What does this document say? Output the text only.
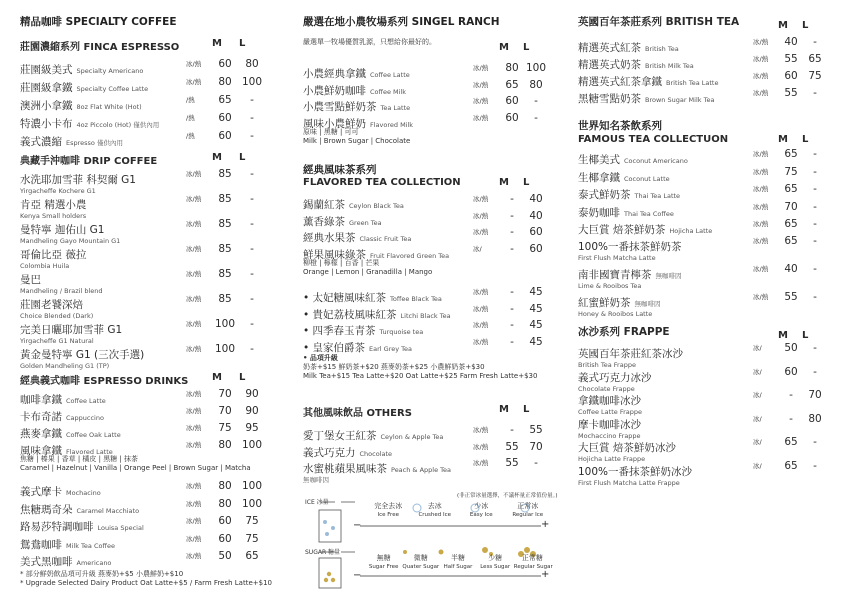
精品咖啡 SPECIALTY COFFEE
莊園濃縮系列 FINCA ESPRESSO	M L
莊園級美式 Specialty Americano
冰/熱	60	80
莊園級拿鐵 Specialty Coffee Latte
冰/熱	80 100
澳洲小拿鐵 8oz Flat White (Hot)
/熱	65	-
特濃小卡布 4oz Piccolo (Hot) 僅供內用
/熱	60	-
義式濃縮 Espresso 僅供內用
/熱	60	-
典藏手沖咖啡 DRIP COFFEE	M L
水洗耶加雪菲 科契爾 G1
Yirgacheffe Kochere G1
冰/熱	85	-
肯亞 精選小農
Kenya Small holders
冰/熱	85	-
曼特寧 迦佑山 G1
Mandheling Gayo Mountain G1
冰/熱	85	-
哥倫比亞 薇拉
Colombia Huila
冰/熱	85	-
曼巴
Mandheling / Brazil blend
冰/熱	85	-
莊園老饕深焙
Choice Blended (Dark)
冰/熱	85	-
完美日曬耶加雪菲 G1
Yirgacheffe G1 Natural
冰/熱 100	-
黃金曼特寧 G1 (三次手選)
Golden Mandheling G1 (TP)
冰/熱 100	-
經典義式咖啡 ESPRESSO DRINKS M L
咖啡拿鐵 Coffee Latte
冰/熱	70	90
卡布奇諾 Cappuccino
冰/熱	70	90
燕麥拿鐵 Coffee Oak Latte
冰/熱	75	95
風味拿鐵 Flavored Latte
冰/熱	80 100
焦糖 | 榛果 | 香草 | 橘皮 | 黑糖 | 抹茶
Caramel | Hazelnut | Vanilla | Orange Peel | Brown Sugar | Matcha
義式摩卡 Mochacino
冰/熱	80 100
焦糖瑪奇朵 Caramel Macchiato
冰/熱	80 100
路易莎特調咖啡 Louisa Special
冰/熱	60	75
鴛鴦咖啡 Milk Tea Coffee
冰/熱	60	75
美式黑咖啡 Americano
冰/熱	50	65
* 部分鮮奶飲品項可升級 燕麥奶+$5 小農鮮奶+$10
* Upgrade Selected Dairy Product Oat Latte+$5 / Farm Fresh Latte+$10
嚴選在地小農牧場系列 SINGEL RANCH
嚴選單一牧場優質乳源，只想給你最好的。	M L
小農經典拿鐵 Coffee Latte
冰/熱	80 100
小農鮮奶咖啡 Coffee Milk
冰/熱	65	80
小農雪點鮮奶茶 Tea Latte
冰/熱	60	-
風味小農鮮奶 Flavored Milk
冰/熱	60	-
原味 | 黑糖 | 可可
Milk | Brown Sugar | Chocolate
經典風味茶系列
FLAVORED TEA COLLECTION	M L
錫蘭紅茶 Ceylon Black Tea
冰/熱	-	40
薰香綠茶 Green Tea
冰/熱	-	40
經典水果茶 Classic Fruit Tea
冰/熱	-	60
鮮果風味綠茶 Fruit Flavored Green Tea
冰/	-	60
柳橙 | 檸檬 | 百香 | 芒果
Orange | Lemon | Granadilla | Mango
• 太妃糖風味紅茶 Toffee Black Tea
冰/熱	-	45
• 貴妃荔枝風味紅茶 Litchi Black Tea
冰/熱	-	45
• 四季春玉青茶 Turquoise tea
冰/熱	-	45
• 皇家伯爵茶 Earl Grey Tea
冰/熱	-	45
• 品項升級
奶茶+$15 鮮奶茶+$20 燕麥奶茶+$25 小農鮮奶茶+$30
Milk Tea+$15 Tea Latte+$20 Oat Latte+$25 Farm Fresh Latte+$30
其他風味飲品 OTHERS	M L
愛丁堡女王紅茶 Ceylon & Apple Tea
冰/熱	-	55
義式巧克力 Chocolate
冰/熱	55	70
水蜜桃蘋果風味茶 Peach & Apple Tea
無咖啡因
冰/熱	55	-
ICE 冰量
SUGAR 糖量
(非正常冰量選擇，不議杯量正常值份量。)
−	+
−	+
完全去冰
Ice Free
去冰
Crushed Ice
少冰
Easy Ice
正常冰
Regular Ice
無糖
Sugar Free
微糖
Quater Sugar
半糖
Half Sugar
少糖
Less Sugar
正常糖
Regular Sugar
英國百年茶莊系列 BRITISH TEA	M L
精選英式紅茶 British Tea
冰/熱	40	-
精選英式奶茶 British Milk Tea
冰/熱	55	65
精選英式紅茶拿鐵 British Tea Latte
冰/熱	60	75
黑糖雪點奶茶 Brown Sugar Milk Tea
冰/熱	55	-
世界知名茶飲系列
FAMOUS TEA COLLECTUON	M L
生椰美式 Coconut Americano
冰/熱	65	-
生椰拿鐵 Coconut Latte
冰/熱	75	-
泰式鮮奶茶 Thai Tea Latte
冰/熱	65	-
泰奶咖啡 Thai Tea Coffee
冰/熱	70	-
大巨賞 焙茶鮮奶茶 Hojicha Latte
冰/熱	65	-
100%一番抹茶鮮奶茶
First Flush Matcha Latte
冰/熱	65	-
南非國寶青檸茶 無咖啡因
Lime & Rooibos Tea
冰/熱	40	-
紅蜜鮮奶茶 無咖啡因
Honey & Rooibos Latte
冰/熱	55	-
冰沙系列 FRAPPE	M L
英國百年茶莊紅茶冰沙
British Tea Frappe
冰/	50	-
義式巧克力冰沙
Chocolate Frappe
冰/	60	-
拿鐵咖啡冰沙
Coffee Latte Frappe
冰/	-	70
摩卡咖啡冰沙
Mochaccino Frappe
冰/	-	80
大巨賞 焙茶鮮奶冰沙
Hojicha Latte Frappe
冰/	65	-
100%一番抹茶鮮奶冰沙
First Flush Matcha Latte Frappe
冰/	65	-
